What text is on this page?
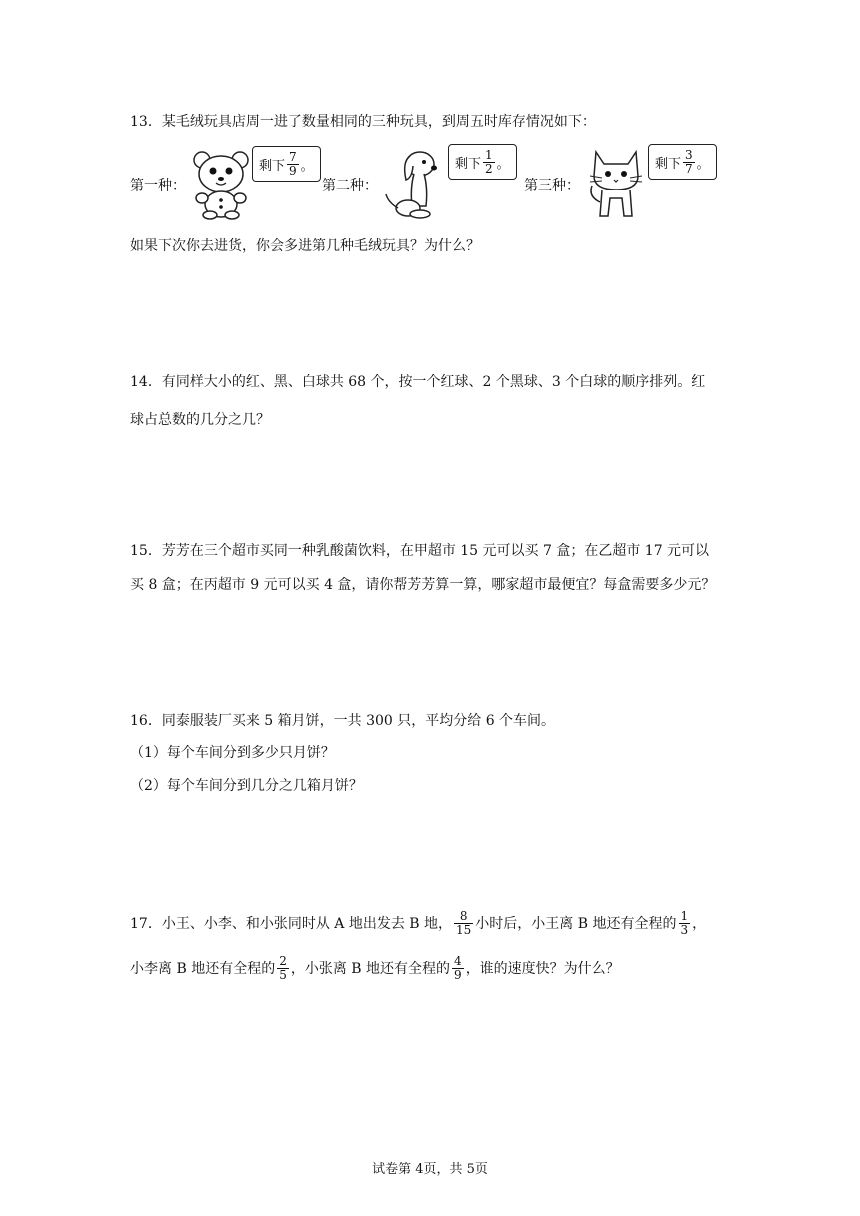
13．某毛绒玩具店周一进了数量相同的三种玩具，到周五时库存情况如下：
第一种：
剩下 $\frac{7}{9}$ 。
第二种：
剩下 $\frac{1}{2}$ 。
第三种：
剩下 $\frac{3}{7}$ 。
如果下次你去进货，你会多进第几种毛绒玩具？为什么？
14．有同样大小的红、黑、白球共 68 个，按一个红球、2 个黑球、3 个白球的顺序排列。红
球占总数的几分之几？
15．芳芳在三个超市买同一种乳酸菌饮料，在甲超市 15 元可以买 7 盒；在乙超市 17 元可以
买 8 盒；在丙超市 9 元可以买 4 盒，请你帮芳芳算一算，哪家超市最便宜？每盒需要多少元？
16．同泰服装厂买来 5 箱月饼，一共 300 只，平均分给 6 个车间。
（1）每个车间分到多少只月饼？
（2）每个车间分到几分之几箱月饼？
17．小王、小李、和小张同时从 A 地出发去 B 地， $\frac{8}{15}$ 小时后，小王离 B 地还有全程的 $\frac{1}{3}$ ，
小李离 B 地还有全程的 $\frac{2}{5}$ ，小张离 B 地还有全程的 $\frac{4}{9}$ ，谁的速度快？为什么？
试卷第 4页，共 5页
